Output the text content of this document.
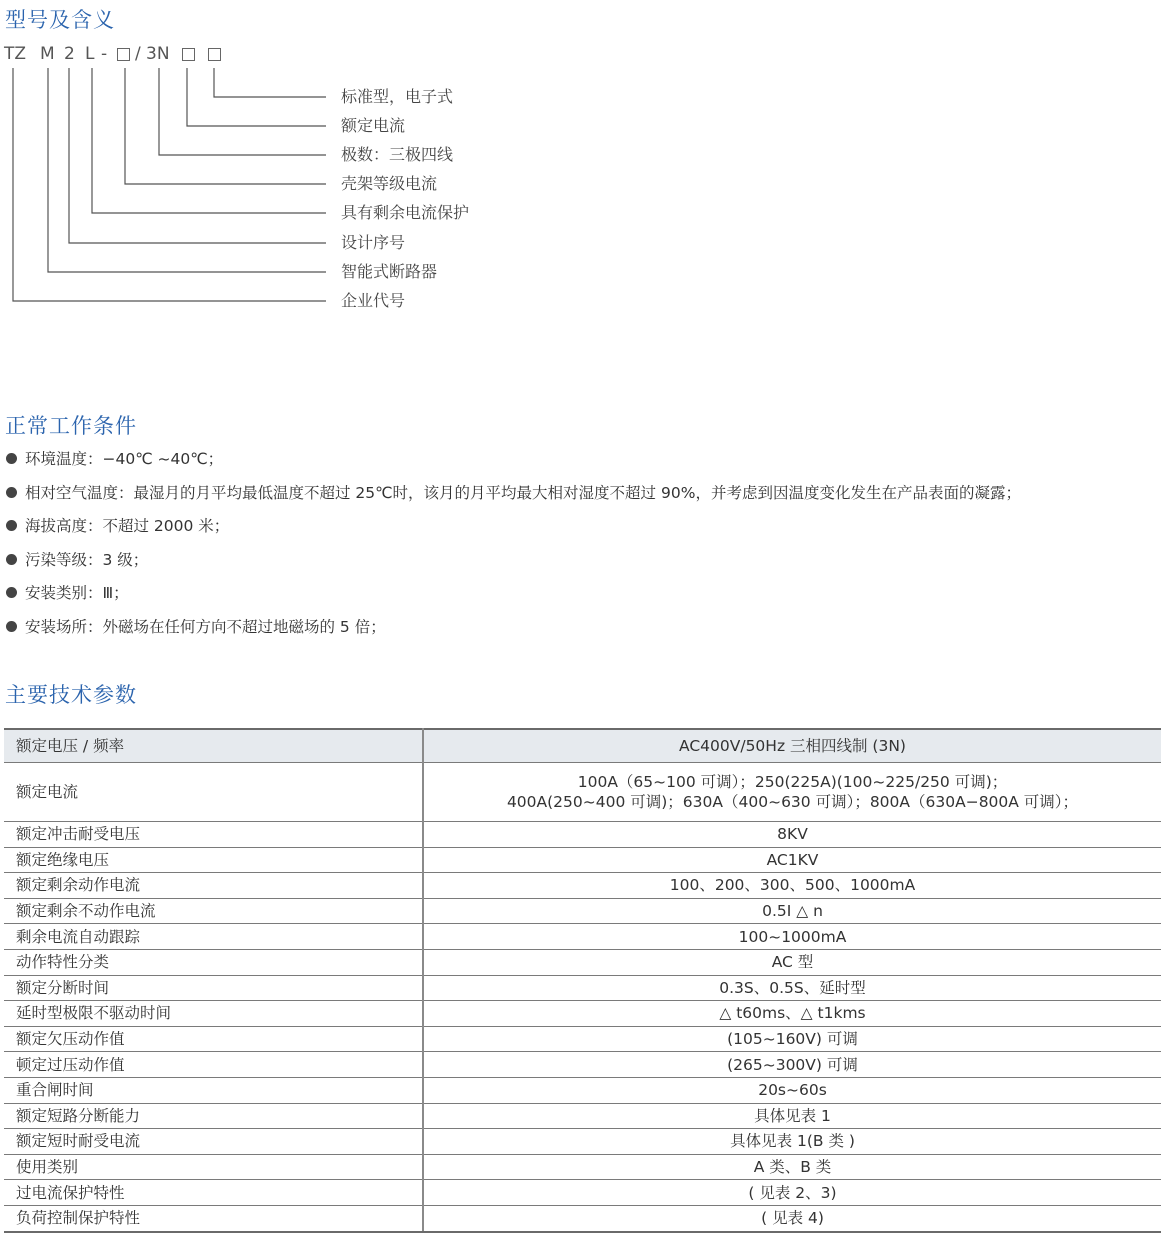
型号及含义
TZ M 2 L - / 3N
标准型，电子式
额定电流
极数：三极四线
壳架等级电流
具有剩余电流保护
设计序号
智能式断路器
企业代号
正常工作条件
环境温度：−40℃ ~40℃；
相对空气温度：最湿月的月平均最低温度不超过 25℃时，该月的月平均最大相对湿度不超过 90%，并考虑到因温度变化发生在产品表面的凝露；
海拔高度：不超过 2000 米；
污染等级：3 级；
安装类别：Ⅲ；
安装场所：外磁场在任何方向不超过地磁场的 5 倍；
主要技术参数
额定电压 / 频率	AC400V/50Hz 三相四线制 (3N)
额定电流	100A（65~100 可调）；250(225A)(100~225/250 可调)；
400A(250~400 可调)；630A（400~630 可调）；800A（630A−800A 可调）；

额定冲击耐受电压	8KV
额定绝缘电压	AC1KV
额定剩余动作电流	100、200、300、500、1000mA
额定剩余不动作电流	0.5I △ n
剩余电流自动跟踪	100~1000mA
动作特性分类	AC 型
额定分断时间	0.3S、0.5S、延时型
延时型极限不驱动时间	△ t60ms、△ t1kms
额定欠压动作值	(105~160V) 可调
顿定过压动作值	(265~300V) 可调
重合闸时间	20s~60s
额定短路分断能力	具体见表 1
额定短时耐受电流	具体见表 1(B 类 )
使用类别	A 类、B 类
过电流保护特性	( 见表 2、3)
负荷控制保护特性	( 见表 4)
